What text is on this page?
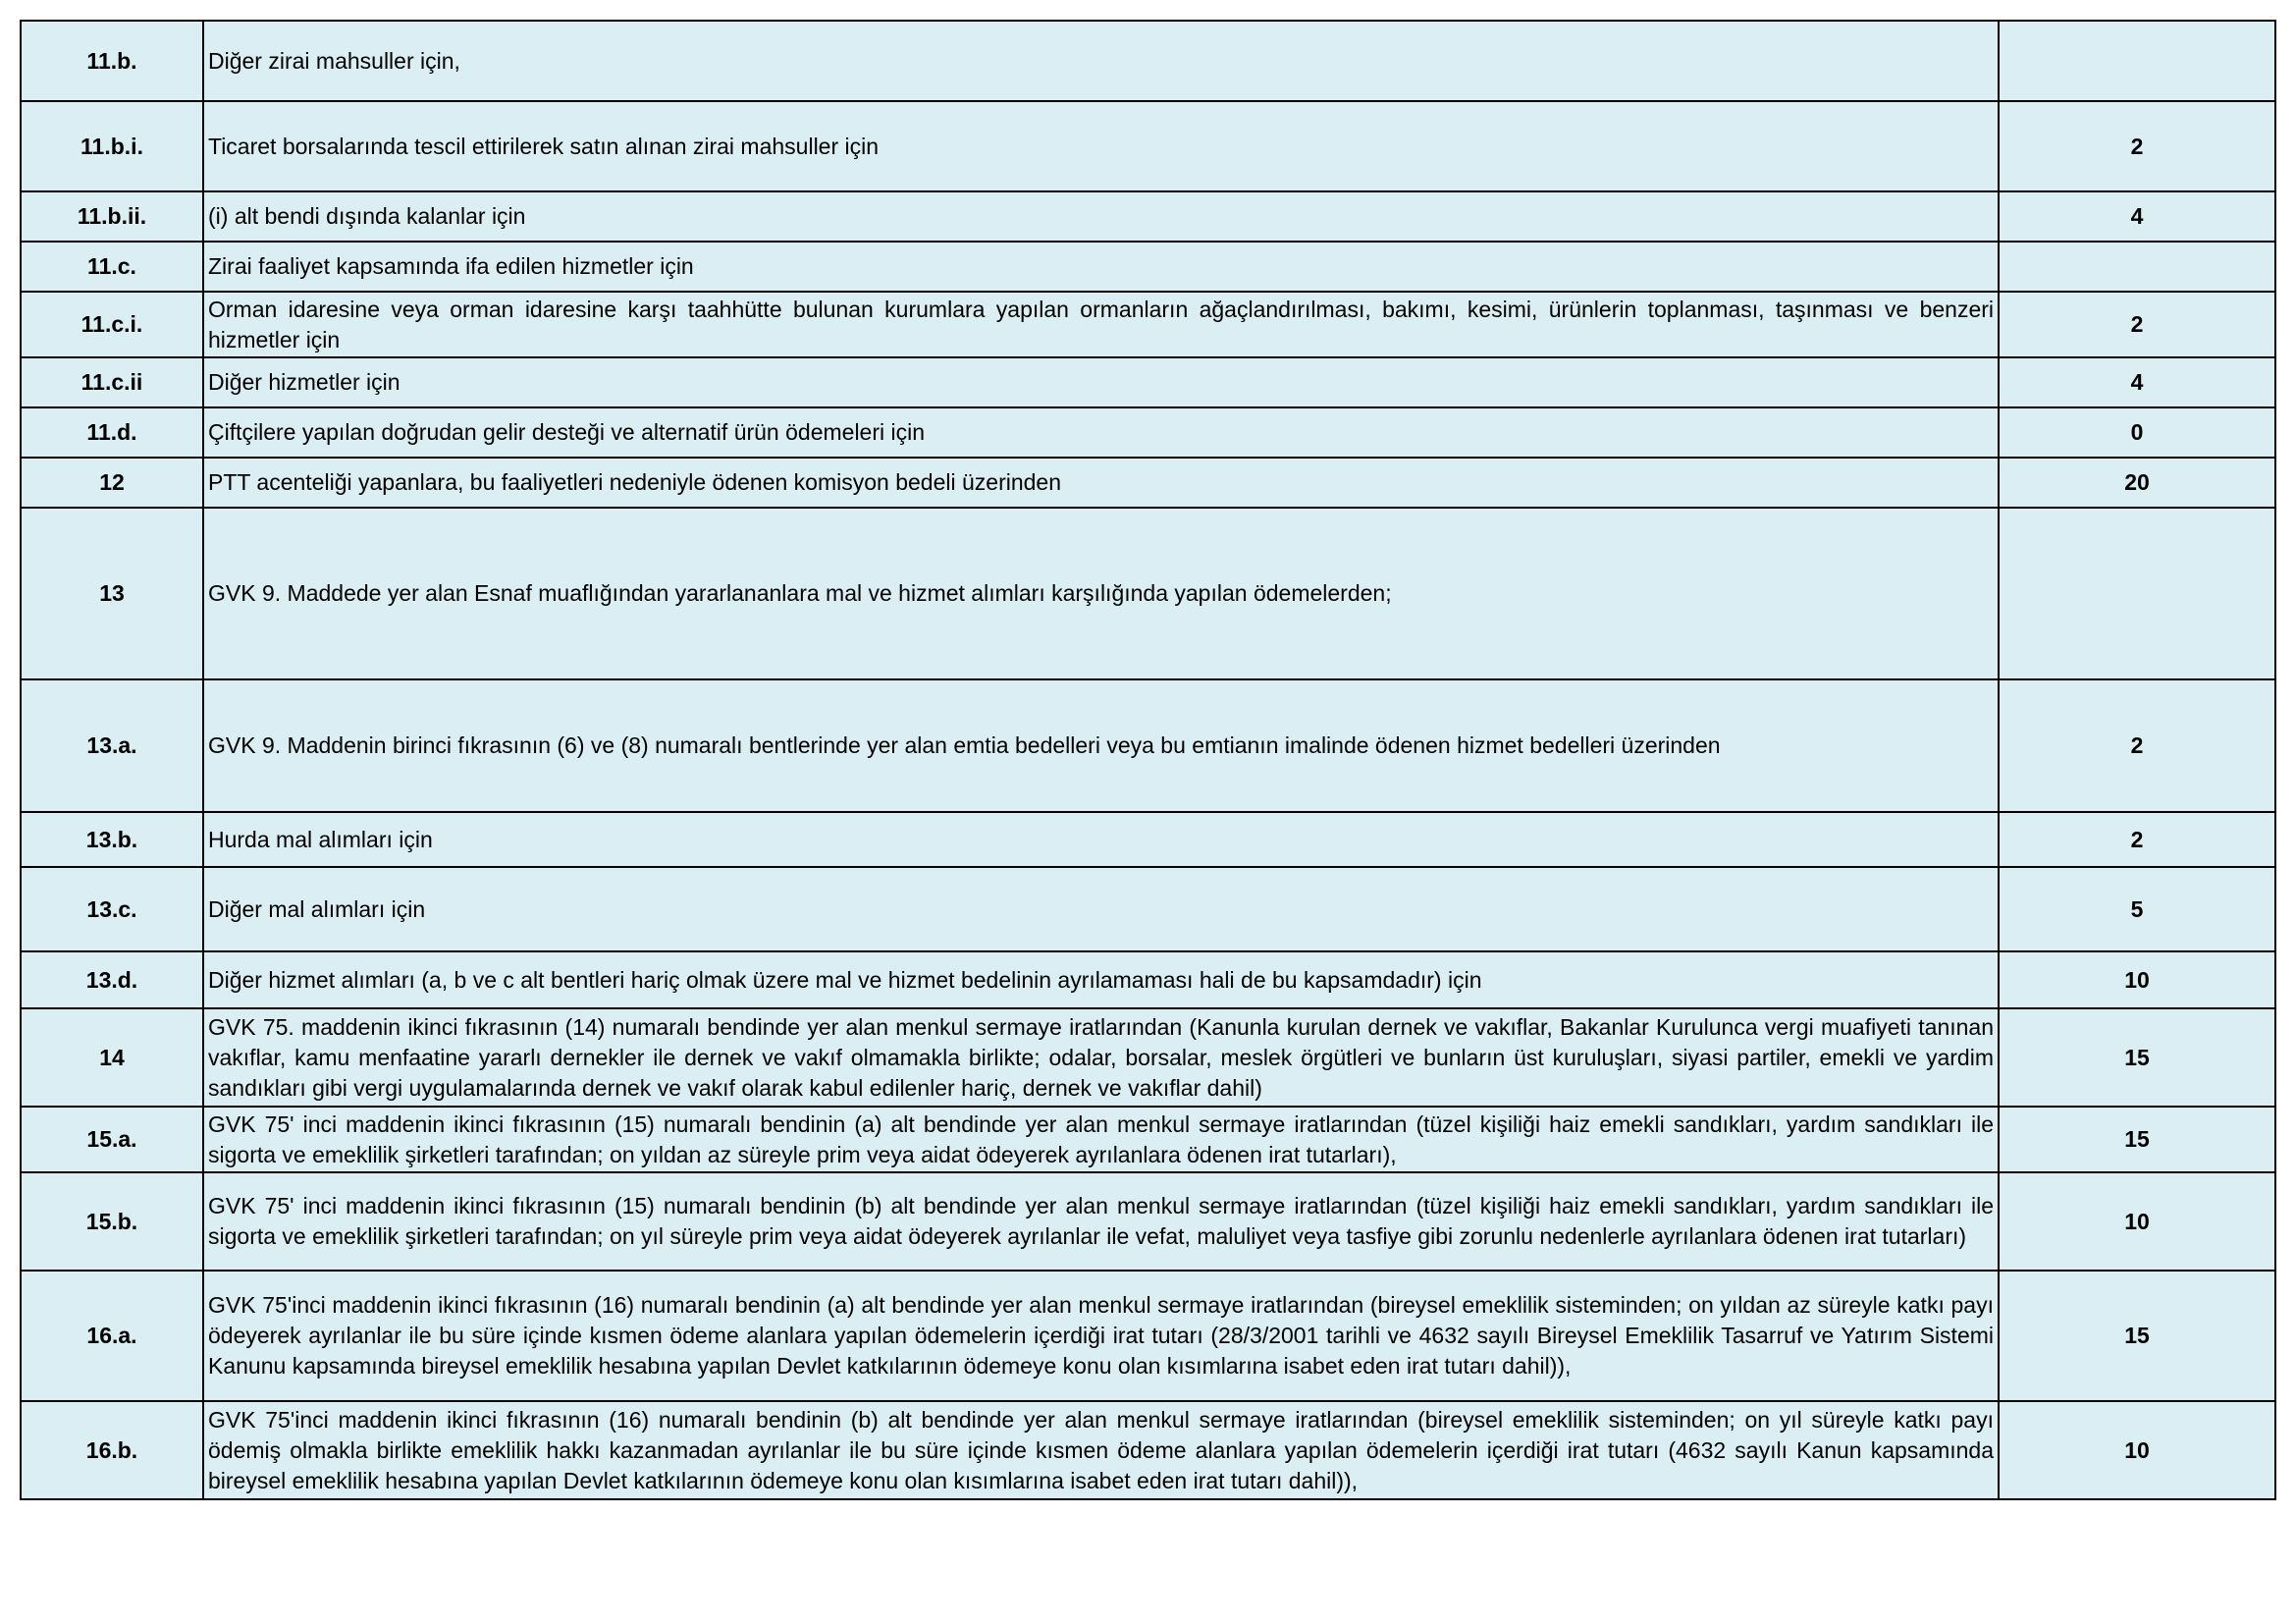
11.b.	Diğer zirai mahsuller için,	
11.b.i.	Ticaret borsalarında tescil ettirilerek satın alınan zirai mahsuller için	2
11.b.ii.	(i) alt bendi dışında kalanlar için	4
11.c.	Zirai faaliyet kapsamında ifa edilen hizmetler için	
11.c.i.	Orman idaresine veya orman idaresine karşı taahhütte bulunan kurumlara yapılan ormanların ağaçlandırılması, bakımı, kesimi, ürünlerin toplanması, taşınması ve benzeri hizmetler için	2
11.c.ii	Diğer hizmetler için	4
11.d.	Çiftçilere yapılan doğrudan gelir desteği ve alternatif ürün ödemeleri için	0
12	PTT acenteliği yapanlara, bu faaliyetleri nedeniyle ödenen komisyon bedeli üzerinden	20
13	GVK 9. Maddede yer alan Esnaf muaflığından yararlananlara mal ve hizmet alımları karşılığında yapılan ödemelerden;	
13.a.	GVK 9. Maddenin birinci fıkrasının (6) ve (8) numaralı bentlerinde yer alan emtia bedelleri veya bu emtianın imalinde ödenen hizmet bedelleri üzerinden	2
13.b.	Hurda mal alımları için	2
13.c.	Diğer mal alımları için	5
13.d.	Diğer hizmet alımları (a, b ve c alt bentleri hariç olmak üzere mal ve hizmet bedelinin ayrılamaması hali de bu kapsamdadır) için	10
14	GVK 75. maddenin ikinci fıkrasının (14) numaralı bendinde yer alan menkul sermaye iratlarından (Kanunla kurulan dernek ve vakıflar, Bakanlar Kurulunca vergi muafiyeti tanınan vakıflar, kamu menfaatine yararlı dernekler ile dernek ve vakıf olmamakla birlikte; odalar, borsalar, meslek örgütleri ve bunların üst kuruluşları, siyasi partiler, emekli ve yardim sandıkları gibi vergi uygulamalarında dernek ve vakıf olarak kabul edilenler hariç, dernek ve vakıflar dahil)	15
15.a.	GVK 75' inci maddenin ikinci fıkrasının (15) numaralı bendinin (a) alt bendinde yer alan menkul sermaye iratlarından (tüzel kişiliği haiz emekli sandıkları, yardım sandıkları ile sigorta ve emeklilik şirketleri tarafından; on yıldan az süreyle prim veya aidat ödeyerek ayrılanlara ödenen irat tutarları),	15
15.b.	GVK 75' inci maddenin ikinci fıkrasının (15) numaralı bendinin (b) alt bendinde yer alan menkul sermaye iratlarından (tüzel kişiliği haiz emekli sandıkları, yardım sandıkları ile sigorta ve emeklilik şirketleri tarafından; on yıl süreyle prim veya aidat ödeyerek ayrılanlar ile vefat, maluliyet veya tasfiye gibi zorunlu nedenlerle ayrılanlara ödenen irat tutarları)	10
16.a.	GVK 75'inci maddenin ikinci fıkrasının (16) numaralı bendinin (a) alt bendinde yer alan menkul sermaye iratlarından (bireysel emeklilik sisteminden; on yıldan az süreyle katkı payı ödeyerek ayrılanlar ile bu süre içinde kısmen ödeme alanlara yapılan ödemelerin içerdiği irat tutarı (28/3/2001 tarihli ve 4632 sayılı Bireysel Emeklilik Tasarruf ve Yatırım Sistemi Kanunu kapsamında bireysel emeklilik hesabına yapılan Devlet katkılarının ödemeye konu olan kısımlarına isabet eden irat tutarı dahil)),	15
16.b.	GVK 75'inci maddenin ikinci fıkrasının (16) numaralı bendinin (b) alt bendinde yer alan menkul sermaye iratlarından (bireysel emeklilik sisteminden; on yıl süreyle katkı payı ödemiş olmakla birlikte emeklilik hakkı kazanmadan ayrılanlar ile bu süre içinde kısmen ödeme alanlara yapılan ödemelerin içerdiği irat tutarı (4632 sayılı Kanun kapsamında bireysel emeklilik hesabına yapılan Devlet katkılarının ödemeye konu olan kısımlarına isabet eden irat tutarı dahil)),	10
